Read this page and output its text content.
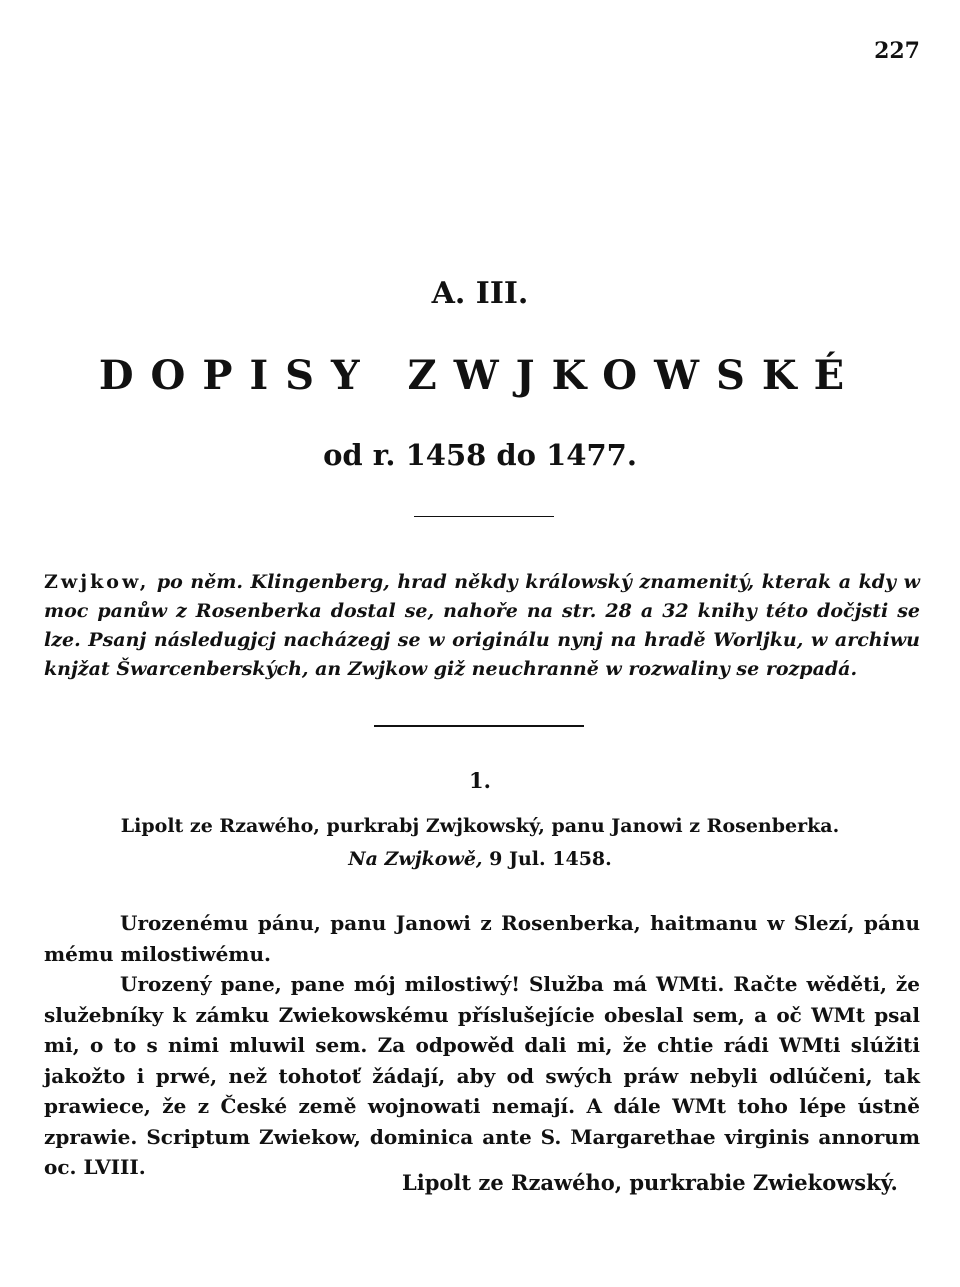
227
A. III.
DOPISY ZWJKOWSKÉ
od r. 1458 do 1477.
Zwjkow, po něm. Klingenberg, hrad někdy králowský znamenitý, kterak a kdy w moc panůw z Rosenberka dostal se, nahoře na str. 28 a 32 knihy této dočjsti se lze. Psanj následugjcj nacházegj se w originálu nynj na hradě Worljku, w archiwu knjžat Šwarcenberských, an Zwjkow giž neuchranně w rozwaliny se rozpadá.
1.
Lipolt ze Rzawého, purkrabj Zwjkowský, panu Janowi z Rosenberka.
Na Zwjkowě, 9 Jul. 1458.

Urozenému pánu, panu Janowi z Rosenberka, haitmanu w Slezí, pánu mému milostiwému.

Urozený pane, pane mój milostiwý! Služba má WMti. Račte wěděti, že služebníky k zámku Zwiekowskému příslušejície obeslal sem, a oč WMt psal mi, o to s nimi mluwil sem. Za odpowěd dali mi, že chtie rádi WMti slúžiti jakožto i prwé, než tohotoť žádají, aby od swých práw nebyli odlúčeni, tak prawiece, že z České země wojnowati nemají. A dále WMt toho lépe ústně zprawie. Scriptum Zwiekow, dominica ante S. Margarethae virginis annorum oc. LVIII.

Lipolt ze Rzawého, purkrabie Zwiekowský.
